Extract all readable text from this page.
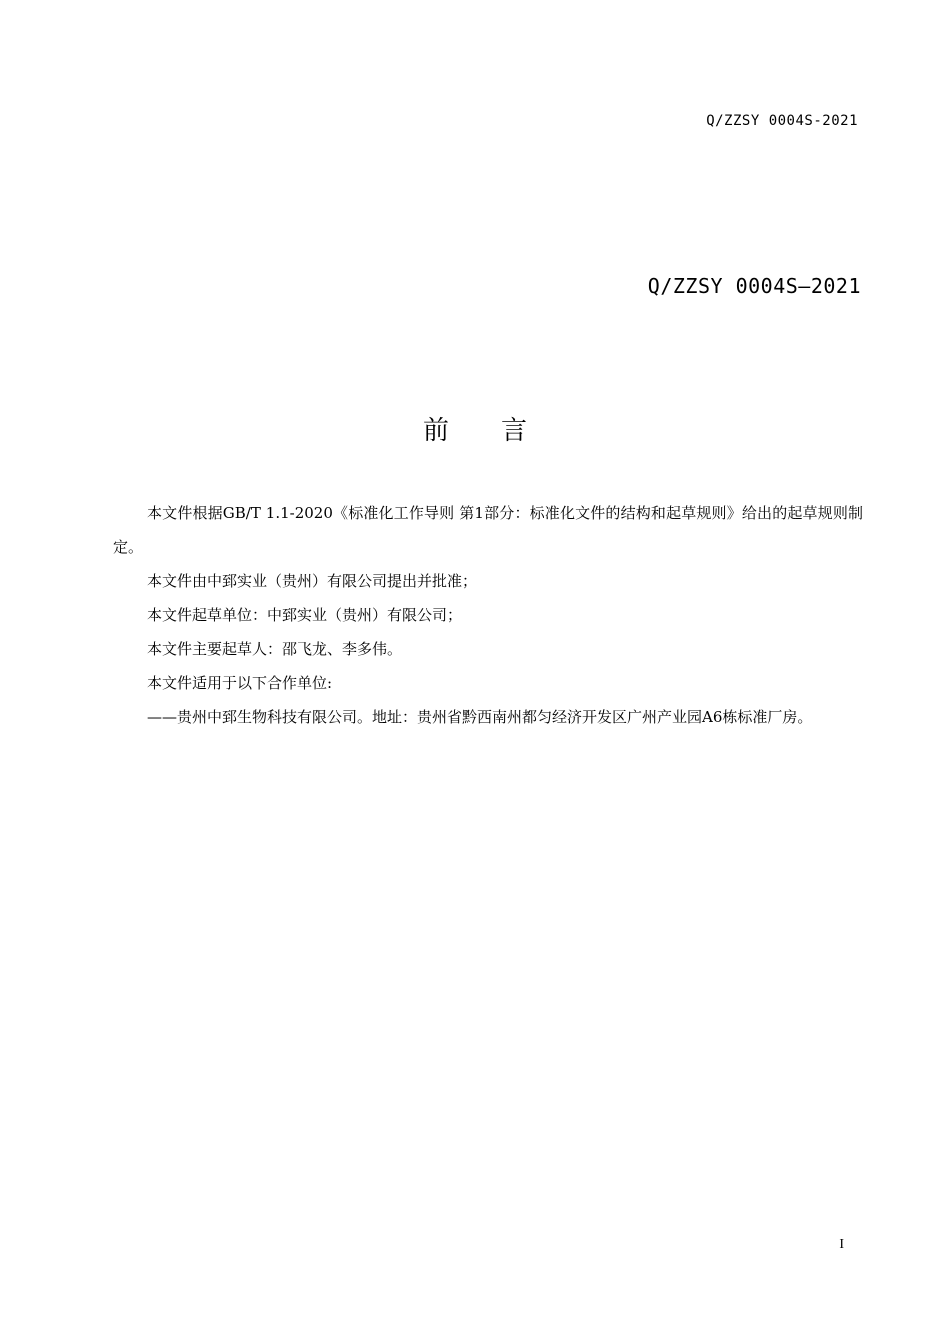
Q/ZZSY 0004S-2021
Q/ZZSY 0004S—2021
前言

本文件根据GB/T 1.1-2020《标准化工作导则 第1部分：标准化文件的结构和起草规则》给出的起草规则制定。

本文件由中郅实业（贵州）有限公司提出并批准；

本文件起草单位：中郅实业（贵州）有限公司；

本文件主要起草人：邵飞龙、李多伟。

本文件适用于以下合作单位:

——贵州中郅生物科技有限公司。地址：贵州省黔西南州都匀经济开发区广州产业园A6栋标准厂房。

I
